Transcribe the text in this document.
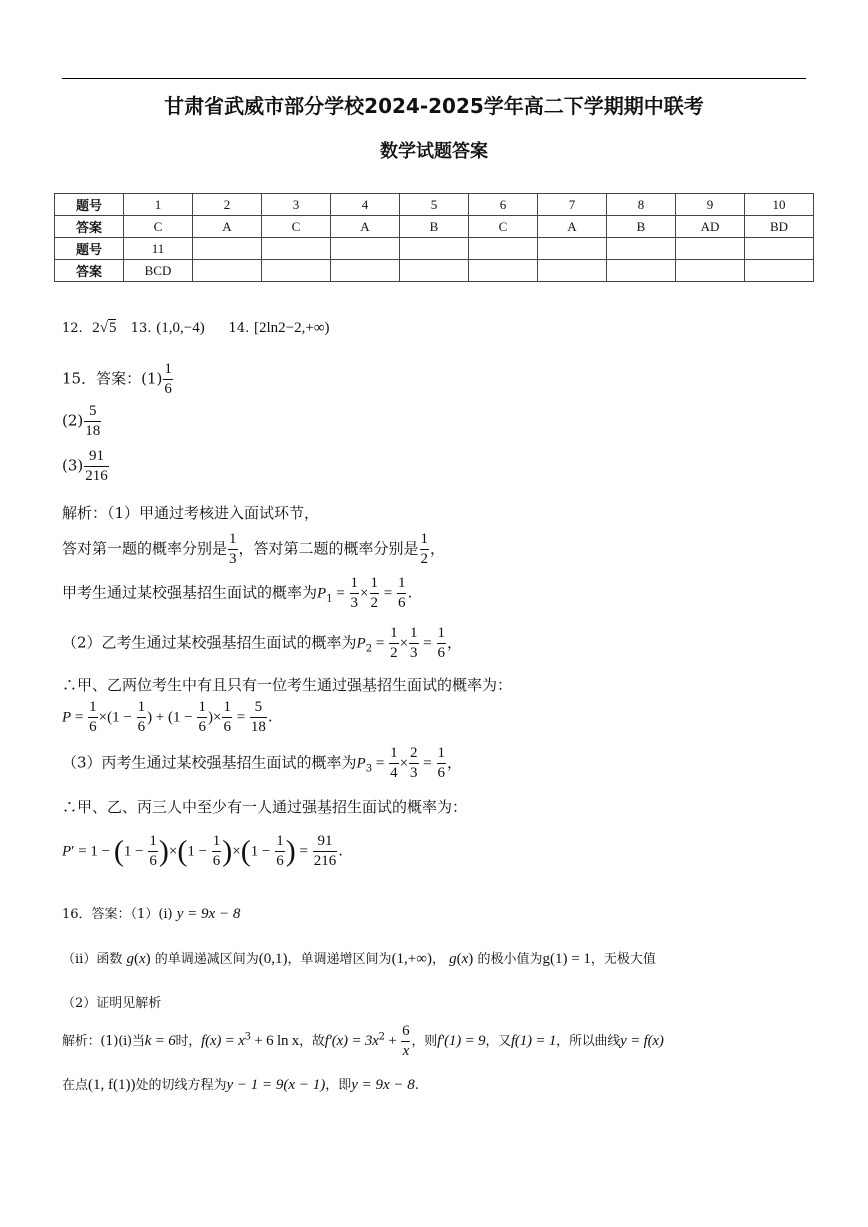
甘肃省武威市部分学校2024-2025学年高二下学期期中联考
数学试题答案
题号	1	2	3	4	5	6	7	8	9	10
答案	C	A	C	A	B	C	A	B	AD	BD
题号	11									
答案	BCD									
12. 2√5 13. (1,0,−4) 14. [2ln2−2,+∞)
15．答案：$(1) \frac{1}{6}$
$(2) \frac{5}{18}$
$(3) \frac{91}{216}$
解析：（1）甲通过考核进入面试环节，
答对第一题的概率分别是 $\frac{1}{3}$ ，答对第二题的概率分别是 $\frac{1}{2}$ ，
甲考生通过某校强基招生面试的概率为$P_1 = \frac{1}{3} \times \frac{1}{2} = \frac{1}{6}$ .
（2）乙考生通过某校强基招生面试的概率为$P_2 = \frac{1}{2} \times \frac{1}{3} = \frac{1}{6}$ ，
∴甲、乙两位考生中有且只有一位考生通过强基招生面试的概率为：
$P = \frac{1}{6} \times(1 - \frac{1}{6}$ ) + ($1 - \frac{1}{6}$ )× $\frac{1}{6} = \frac{5}{18}$ .
（3）丙考生通过某校强基招生面试的概率为$P_3 = \frac{1}{4} \times \frac{2}{3} = \frac{1}{6}$ ，
∴甲、乙、丙三人中至少有一人通过强基招生面试的概率为：
$P' = 1 - (1 - \frac{1}{6} )\times(1 - \frac{1}{6} )\times(1 - \frac{1}{6}$ ) = $\frac{91}{216}$ .
16．答案：（1）(i) y = 9x − 8
（ii）函数 g(x) 的单调递减区间为(0,1)，单调递增区间为(1,+∞)， g(x) 的极小值为g(1) = 1，无极大值
（2）证明见解析
解析：(1)(i)当k = 6时，$f(x) = x^3 + 6$ ln x，故$f'(x) = 3x^2 + \frac{6}{x}$ ，则f′(1) = 9，又f(1) = 1，所以曲线y = f(x)
在点(1, f(1))处的切线方程为y − 1 = 9(x − 1)，即y = 9x − 8.
